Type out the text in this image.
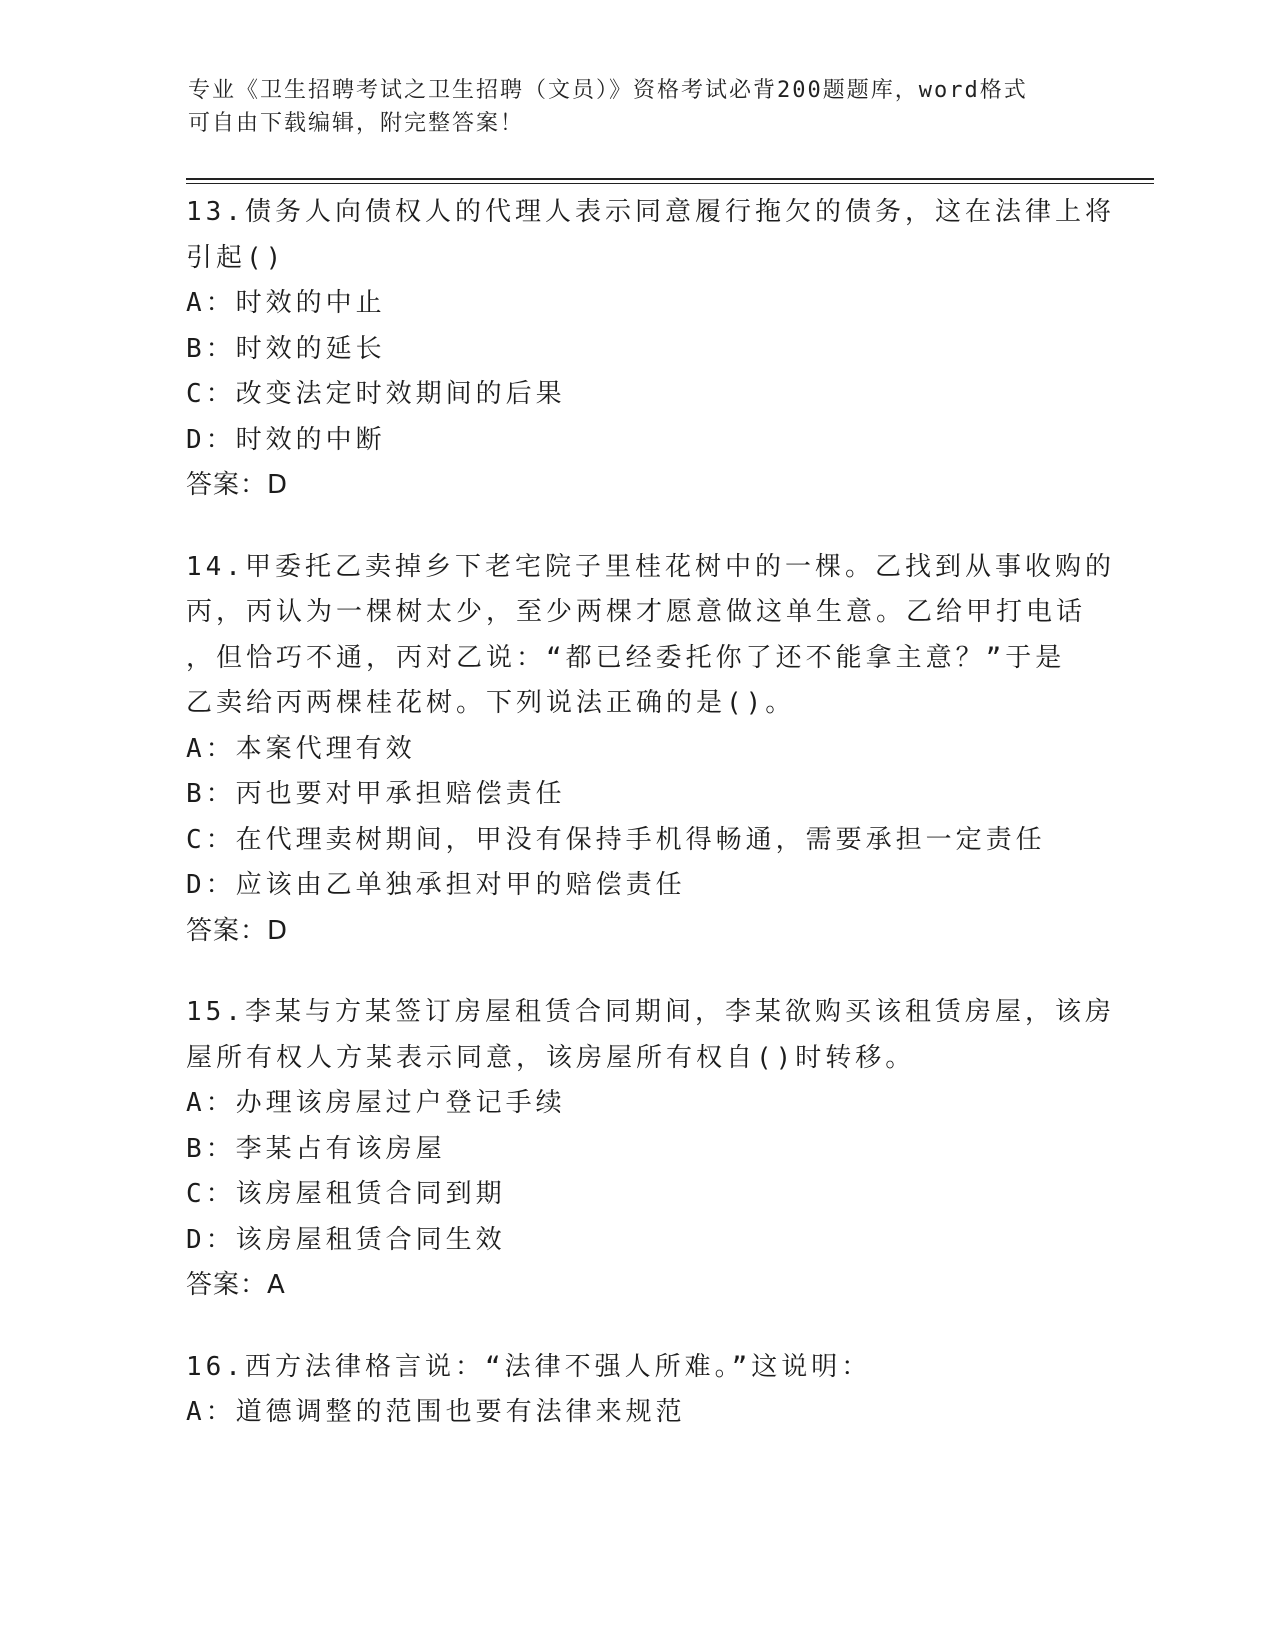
专业《卫生招聘考试之卫生招聘（文员）》资格考试必背200题题库，word格式

可自由下载编辑，附完整答案！

13.债务人向债权人的代理人表示同意履行拖欠的债务，这在法律上将
引起()

A：时效的中止

B：时效的延长

C：改变法定时效期间的后果

D：时效的中断

答案：D

14.甲委托乙卖掉乡下老宅院子里桂花树中的一棵。乙找到从事收购的
丙，丙认为一棵树太少，至少两棵才愿意做这单生意。乙给甲打电话
，但恰巧不通，丙对乙说：“都已经委托你了还不能拿主意？”于是
乙卖给丙两棵桂花树。下列说法正确的是()。

A：本案代理有效

B：丙也要对甲承担赔偿责任

C：在代理卖树期间，甲没有保持手机得畅通，需要承担一定责任

D：应该由乙单独承担对甲的赔偿责任

答案：D

15.李某与方某签订房屋租赁合同期间，李某欲购买该租赁房屋，该房
屋所有权人方某表示同意，该房屋所有权自()时转移。

A：办理该房屋过户登记手续

B：李某占有该房屋

C：该房屋租赁合同到期

D：该房屋租赁合同生效

答案：A

16.西方法律格言说：“法律不强人所难。”这说明：

A：道德调整的范围也要有法律来规范
